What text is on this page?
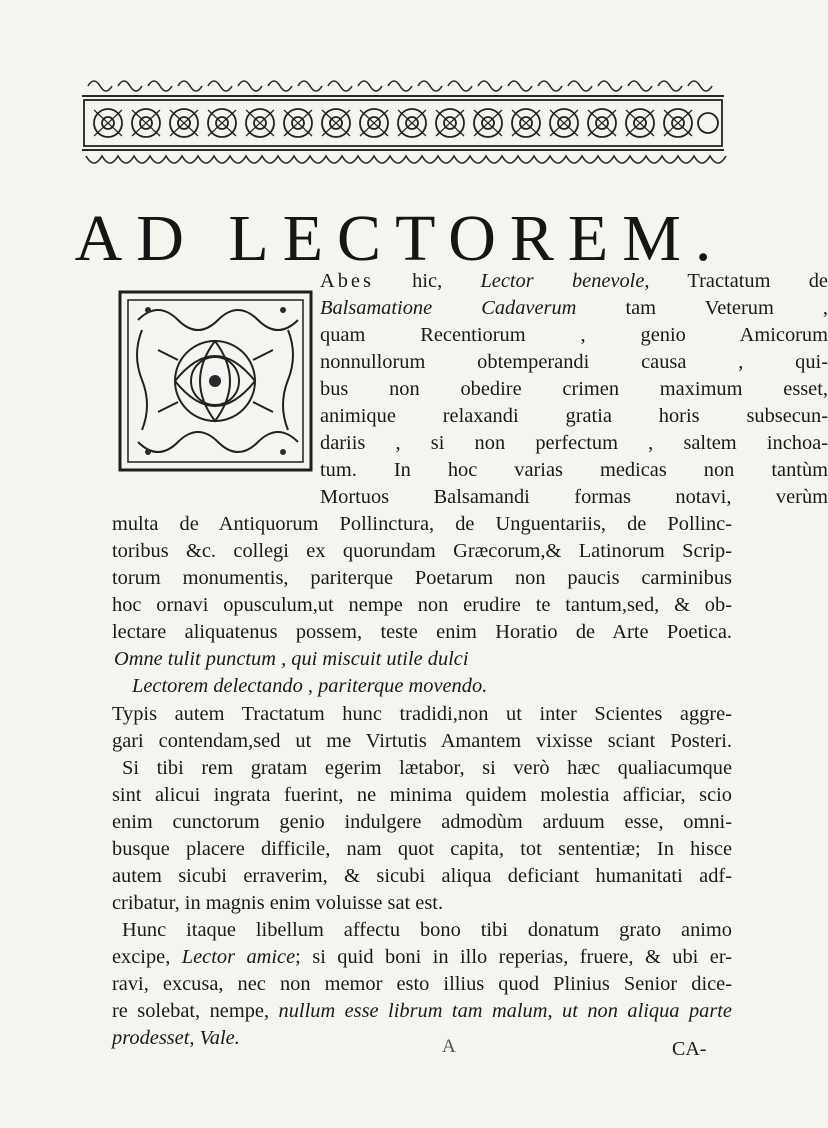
AD LECTOREM.
Abes hic, Lector benevole, Tractatum de
Balsamatione Cadaverum tam Veterum ,
quam Recentiorum , genio Amicorum
nonnullorum obtemperandi causa , qui-
bus non obedire crimen maximum esset,
animique relaxandi gratia horis subsecun-
dariis , si non perfectum , saltem inchoa-
tum. In hoc varias medicas non tantùm
Mortuos Balsamandi formas notavi, verùm
multa de Antiquorum Pollinctura, de Unguentariis, de Pollinc-
toribus &c. collegi ex quorundam Græcorum,& Latinorum Scrip-
torum monumentis, pariterque Poetarum non paucis carminibus
hoc ornavi opusculum,ut nempe non erudire te tantum,sed, & ob-
lectare aliquatenus possem, teste enim Horatio de Arte Poetica.
Omne tulit punctum , qui miscuit utile dulci
Lectorem delectando , pariterque movendo.
Typis autem Tractatum hunc tradidi,non ut inter Scientes aggre-
gari contendam,sed ut me Virtutis Amantem vixisse sciant Posteri.
Si tibi rem gratam egerim lætabor, si verò hæc qualiacumque
sint alicui ingrata fuerint, ne minima quidem molestia afficiar, scio
enim cunctorum genio indulgere admodùm arduum esse, omni-
busque placere difficile, nam quot capita, tot sententiæ; In hisce
autem sicubi erraverim, & sicubi aliqua deficiant humanitati adf-
cribatur, in magnis enim voluisse sat est.
Hunc itaque libellum affectu bono tibi donatum grato animo
excipe, Lector amice; si quid boni in illo reperias, fruere, & ubi er-
ravi, excusa, nec non memor esto illius quod Plinius Senior dice-
re solebat, nempe, nullum esse librum tam malum, ut non aliqua parte
prodesset, Vale.	A	CA-
